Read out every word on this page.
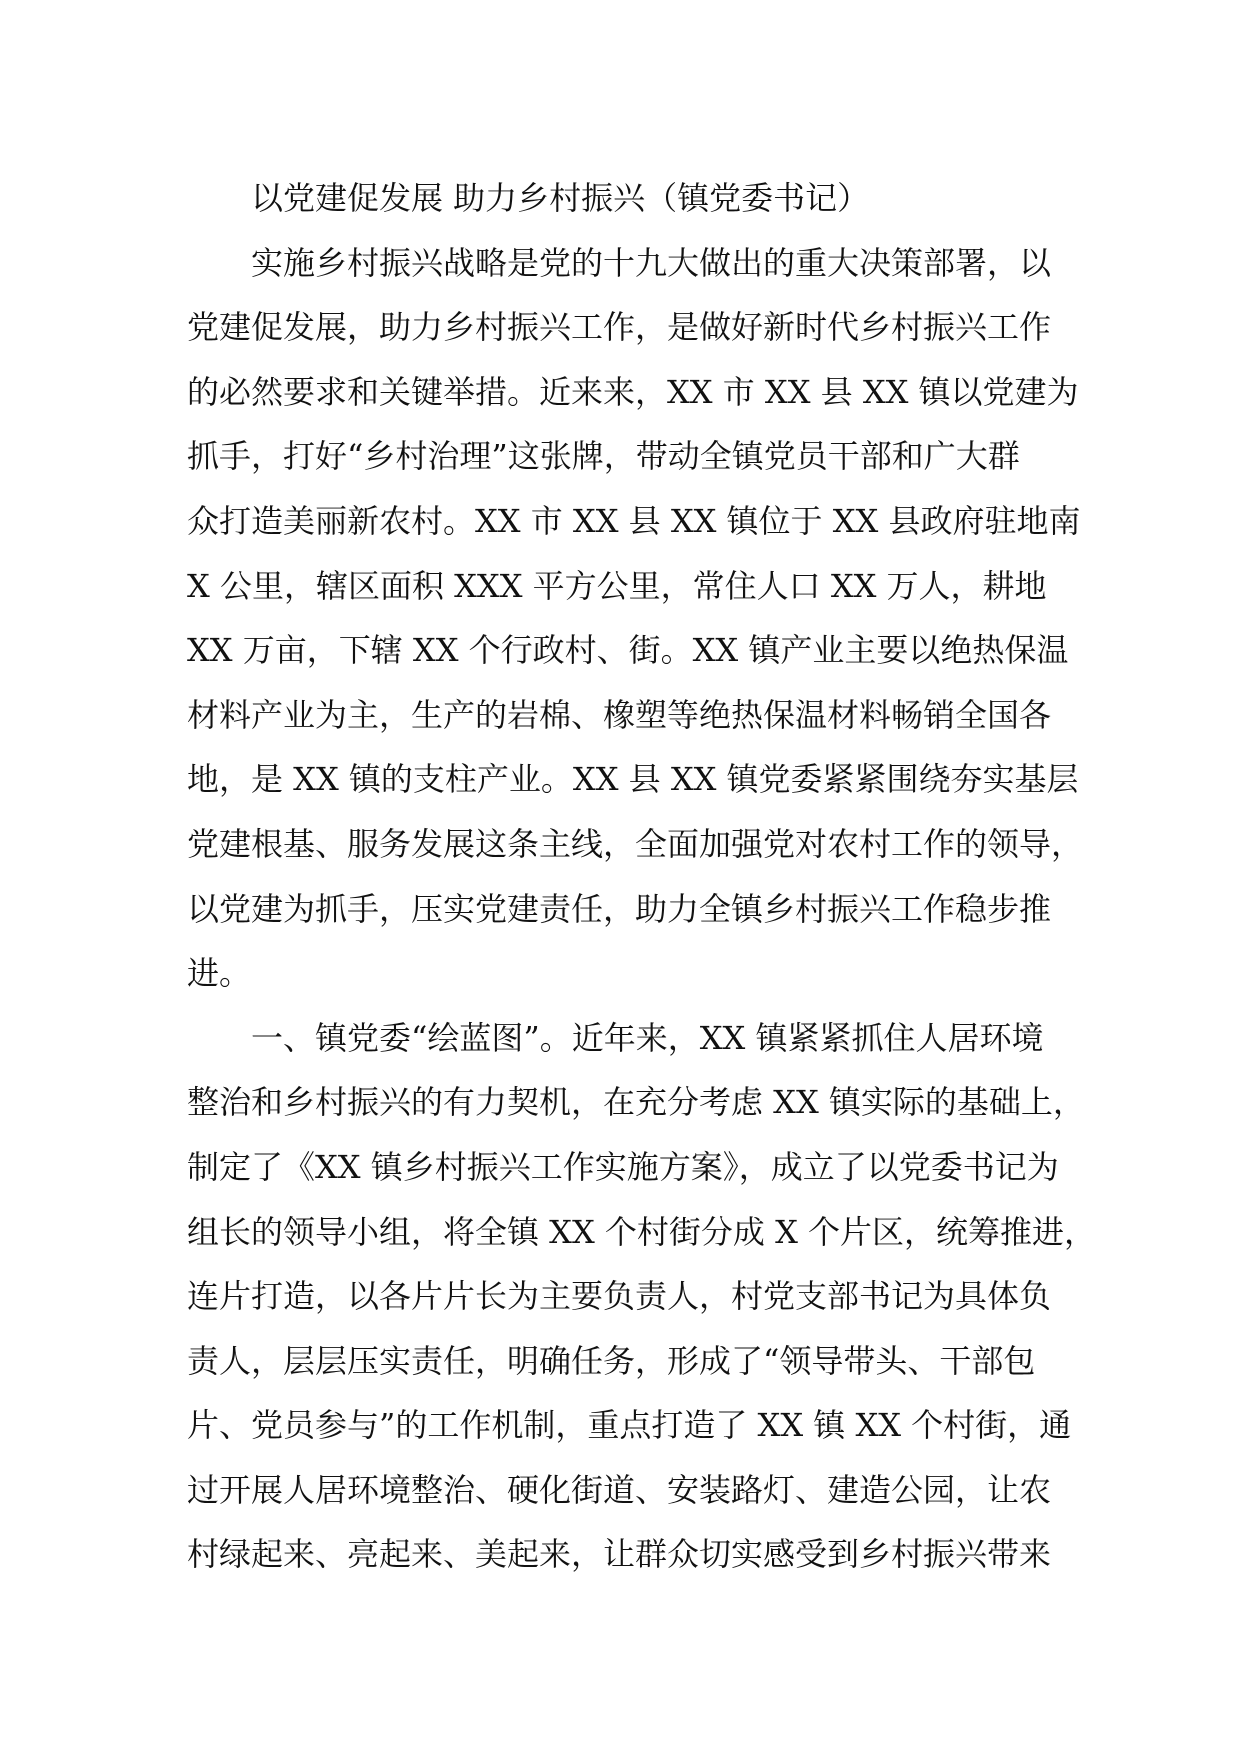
以党建促发展 助力乡村振兴（镇党委书记）
实施乡村振兴战略是党的十九大做出的重大决策部署，以
党建促发展，助力乡村振兴工作，是做好新时代乡村振兴工作
的必然要求和关键举措。近来来，XX 市 XX 县 XX 镇以党建为
抓手，打好“乡村治理”这张牌，带动全镇党员干部和广大群
众打造美丽新农村。XX 市 XX 县 XX 镇位于 XX 县政府驻地南
X 公里，辖区面积 XXX 平方公里，常住人口 XX 万人，耕地
XX 万亩，下辖 XX 个行政村、街。XX 镇产业主要以绝热保温
材料产业为主，生产的岩棉、橡塑等绝热保温材料畅销全国各
地，是 XX 镇的支柱产业。XX 县 XX 镇党委紧紧围绕夯实基层
党建根基、服务发展这条主线，全面加强党对农村工作的领导，
以党建为抓手，压实党建责任，助力全镇乡村振兴工作稳步推
进。
一、镇党委“绘蓝图”。近年来，XX 镇紧紧抓住人居环境
整治和乡村振兴的有力契机，在充分考虑 XX 镇实际的基础上，
制定了《XX 镇乡村振兴工作实施方案》，成立了以党委书记为
组长的领导小组，将全镇 XX 个村街分成 X 个片区，统筹推进，
连片打造，以各片片长为主要负责人，村党支部书记为具体负
责人，层层压实责任，明确任务，形成了“领导带头、干部包
片、党员参与”的工作机制，重点打造了 XX 镇 XX 个村街，通
过开展人居环境整治、硬化街道、安装路灯、建造公园，让农
村绿起来、亮起来、美起来，让群众切实感受到乡村振兴带来
